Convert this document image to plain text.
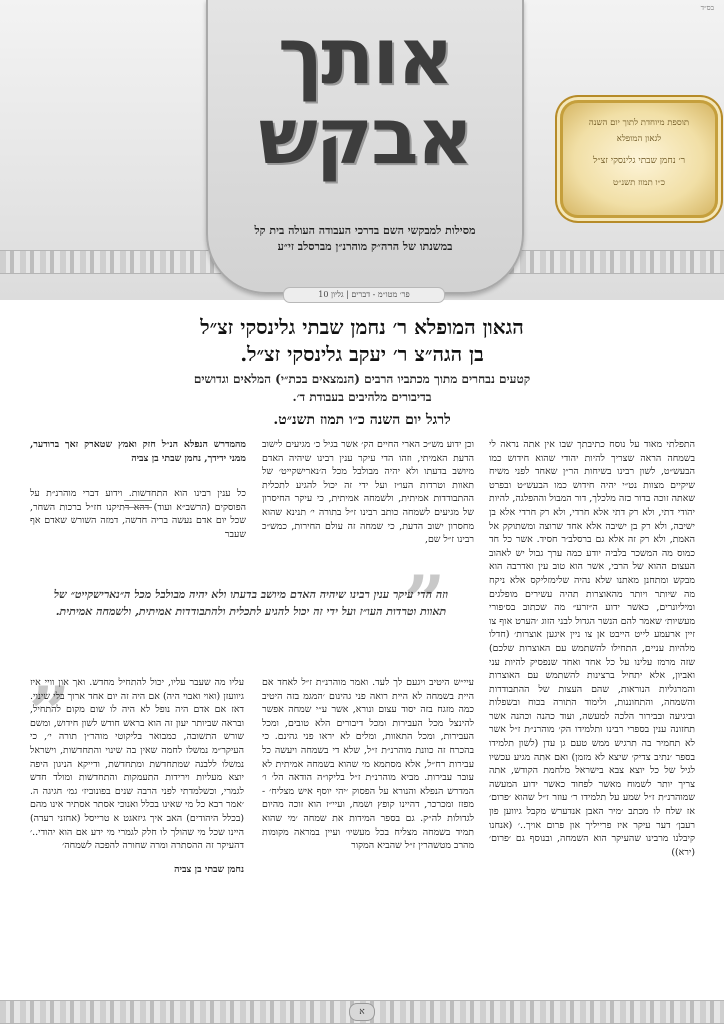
בס״ד
אותך
אבקש
מסילות למבקשי השם בדרכי העבודה העולה בית קל
במשנתו של הרה״ק מוהרנ״ן מברסלב זי״ע
פר׳ מטו״מ - דברים | גליון 10
תוספת מיוחדת לתוך יום השנה
לגאון המופלא
ר׳ נחמן שבתי גלינסקי זצ״ל
כ״ו תמוז תשנ״ט
הגאון המופלא ר׳ נחמן שבתי גלינסקי זצ״ל
בן הגה״צ ר׳ יעקב גלינסקי זצ״ל.
קטעים נבחרים מתוך מכתביו הרבים (הנמצאים בכת״י) המלאים וגדושים
בדיבורים מלהיבים בעבודת ד׳.
לרגל יום השנה כ״ו תמוז תשנ״ט.

התפלתי מאוד על נוסח כתיבתך שבו אין אתה נראה לי בשמחה הראה שצריך להיות יהודי שהוא חידוש כמו הבעש״ט, לשון רבינו בשיחות הר״ן שאחד לפני משיח שיקיים מצוות נט״י יהיה חידוש כמו הבעש״ט ובפרט שאתה זוכה בדור כזה מלכלך, דור המבול וההפלגה, להיות יהודי דתי, ולא רק דתי אלא חרדי, ולא רק חרדי אלא בן ישיבה, ולא רק בן ישיבה אלא אחד שרוצה ומשתוקק אל האמת, ולא רק זה אלא גם ברסלב׳ר חסיד. אשר כל חד כמוס מה המשכר בלביה יודע כמה ערך גבול יש לאהוב העצום ההוא של הרבי, אשר הוא טוב עין ואדרבה הוא מבקש ומתחנן מאתנו שלא נהיה שלימזליקס אלא ניקח מה שיותר ויותר מהאוצרות תהיה עשירים מופלגים ומיליונרים, כאשר ידוע ה״זרע״ מה שכתוב בס׳פורי מעשיות׳ שאמר להם הנשר הגדול לבני הזוג ׳הערט אוף צו זיין ארעמע לייט הייבט אן צו ניין איגען אוצרות׳ (חדלו מלהיות עניים, התחילו להשתמש עם האוצרות שלכם) שזה מרמז עלינו על כל אחד ואחד שנפסיק להיות עני ואביון, אלא יתחיל ברצינות להשתמש עם האוצרות והמרגליות הנוראות, שהם העצות של ההתבודדות והשמחה, והתחוננות, ולימוד התורה בכוח ובשפלות וביגיעה ובבירור הלכה למעשה, ועוד כהנה וכהנה אשר תחזונה ענין בספרי רבינו ותלמידו הק׳ מוהרנ״ת ז״ל אשר לא תחמיר בה תרגיש ממש טעם גן עדן (לשון תלמידו בספר ׳נתיב צדיק׳ שיצא לא מזמן) ואם אתה מגיע עכשיו לגיל של כל יוצא צבא בישראל מלחמת הקודש, אתה צריך יותר לשמוח מאשר לפחוד כאשר ידוע המעשה שמוהרנ״ת ז״ל שמע על תלמידו ר׳ עוזר ז״ל שהוא ׳פרום׳ אז שלח לו מכתב ׳מיר האבן אנדערש מקבל גיווען פון רעבן׳ דער עיקר איז פרייליך און פרום אויך..׳ (אנחנו קיבלנו מרבינו שהעיקר הוא השמחה, ובנוסף גם ׳פרום׳ (ירא))

וכן ידוע מש״כ הארי החיים הק׳ אשר בגיל כ׳ מגיעים לישוב הדעת האמיתי, וזהו הדי עיקר ענין רבינו שיהיה האדם מיושב בדעתו ולא יהיה מבולבל מכל ה׳נארישקייט׳ של תאוות וטרדות העו״ז ועל ידי זה יכול להגיע לתכלית ההתבודדות אמיתית, ולשמחה אמיתית, כי עיקר החיסרון של מגיעים לשמחה כותב רבינו ז״ל בתורה י׳ תנינא שהוא מחסרון ישוב הדעת, כי שמחה זה עולם החירות, כמש״כ רבינו ז״ל שם,

מהמדרש הנפלא הנ״ל חזק ואמץ שטארק זאך ברודער, ממני ידידך, נחמן שבתי בן צביה

כל ענין רבינו הוא התחדשות. וידוע דברי מוהרנ״ת על הפוסקים (הרשב״א ועוד) דהא דתיקנו חז״ל ברכות השחר, שכל יום אדם נעשה בריה חדשה, דמזה השורש שאדם אף שעבר

”
וזה הדי עיקר ענין רבינו שיהיה האדם מיושב בדעתו ולא יהיה מבולבל מכל ה״נארישקייט״ של תאוות וטרדות העו״ז ועל ידי זה יכול להגיע לתכלית ולהתבודדות אמיתית, ולשמחה אמיתית.
„

עליו מה שעבר עליו, יכול להתחיל מחדש. ואך און וויי איז גיוועזן (ואוי ואבוי היה) אם היה זה יום אחד ארוך בלי שינוי. דאז אם אדם היה נופל לא היה לו שום מקום להתחיל, ובראה שביותר יעון זה הוא בראש חודש לשון חידוש, ומשם שורש התשובה, כמבואר בליקוטי מוהר״ן תורה י׳, כי העיקר״מ נמשלו לחמה שאין בה שינוי והתחדשות, וישראל נמשלו ללבנה שמתחדשת ומתחדשת, ודייקא הניגון היפה יוצא מעליות וירידות התעמקות והתחדשות ומולד חדש לגמרי, וכשלמדתי לפני הרבה שנים בפונוביז׳ גמ׳ חגיגה ה. ׳אמר רבא כל מי שאינו בכלל ואנוכי אסתר אסתיר אינו מהם (בכלל היהודים) האב איך גיזאגט א טרייסל (אחזני רעדה) היינו שכל מי שהולך לו חלק לגמרי מי ידע אם הוא יהודי..׳ דהעיקר זה ההסתרה ומרה שחורה להפכה לשמחה׳

נחמן שבתי בן צביה

עיי״ש היטיב ויגעם לך לעד. ואמר מוהרנ״ת ז״ל לאחד אם היית בשמחה לא היית רואה פני גהינום ׳המגמ בזה היטיב כמה מזגח בזה יסוד עצום ונורא, אשר ע״י שמחה אפשר להינצל מכל העבירות ומכל דיבורים הלא טובים, ומכל העבירות, ומכל התאוות, ומלים לא יראו פני גהינם. כי בהכרח זה כוונת מוהרנ״ת ז״ל, שלא די בשמחה ויעשה כל עבירות רח״ל, אלא מסתמא מי שהוא בשמחה אמיתית לא עובר עבירות. מביא מוהרנ״ת ז״ל בליקו״ה הודאה הל׳ ו׳ המדרש הנפלא והנורא על הפסוק ׳יהי יוסף איש מצליח׳ - מפזז ומכרכר, דהיינו קופץ ושמח, ועיי״ז הוא זוכה מהיום לגדולות לה״ק. גם בספר המידות את שמחה ׳מי שהוא תמיד בשמחה מצליח בכל מעשיו׳ ועיין במראה מקומות מהרב מטשהרין ז״ל שהביא המקור

א
